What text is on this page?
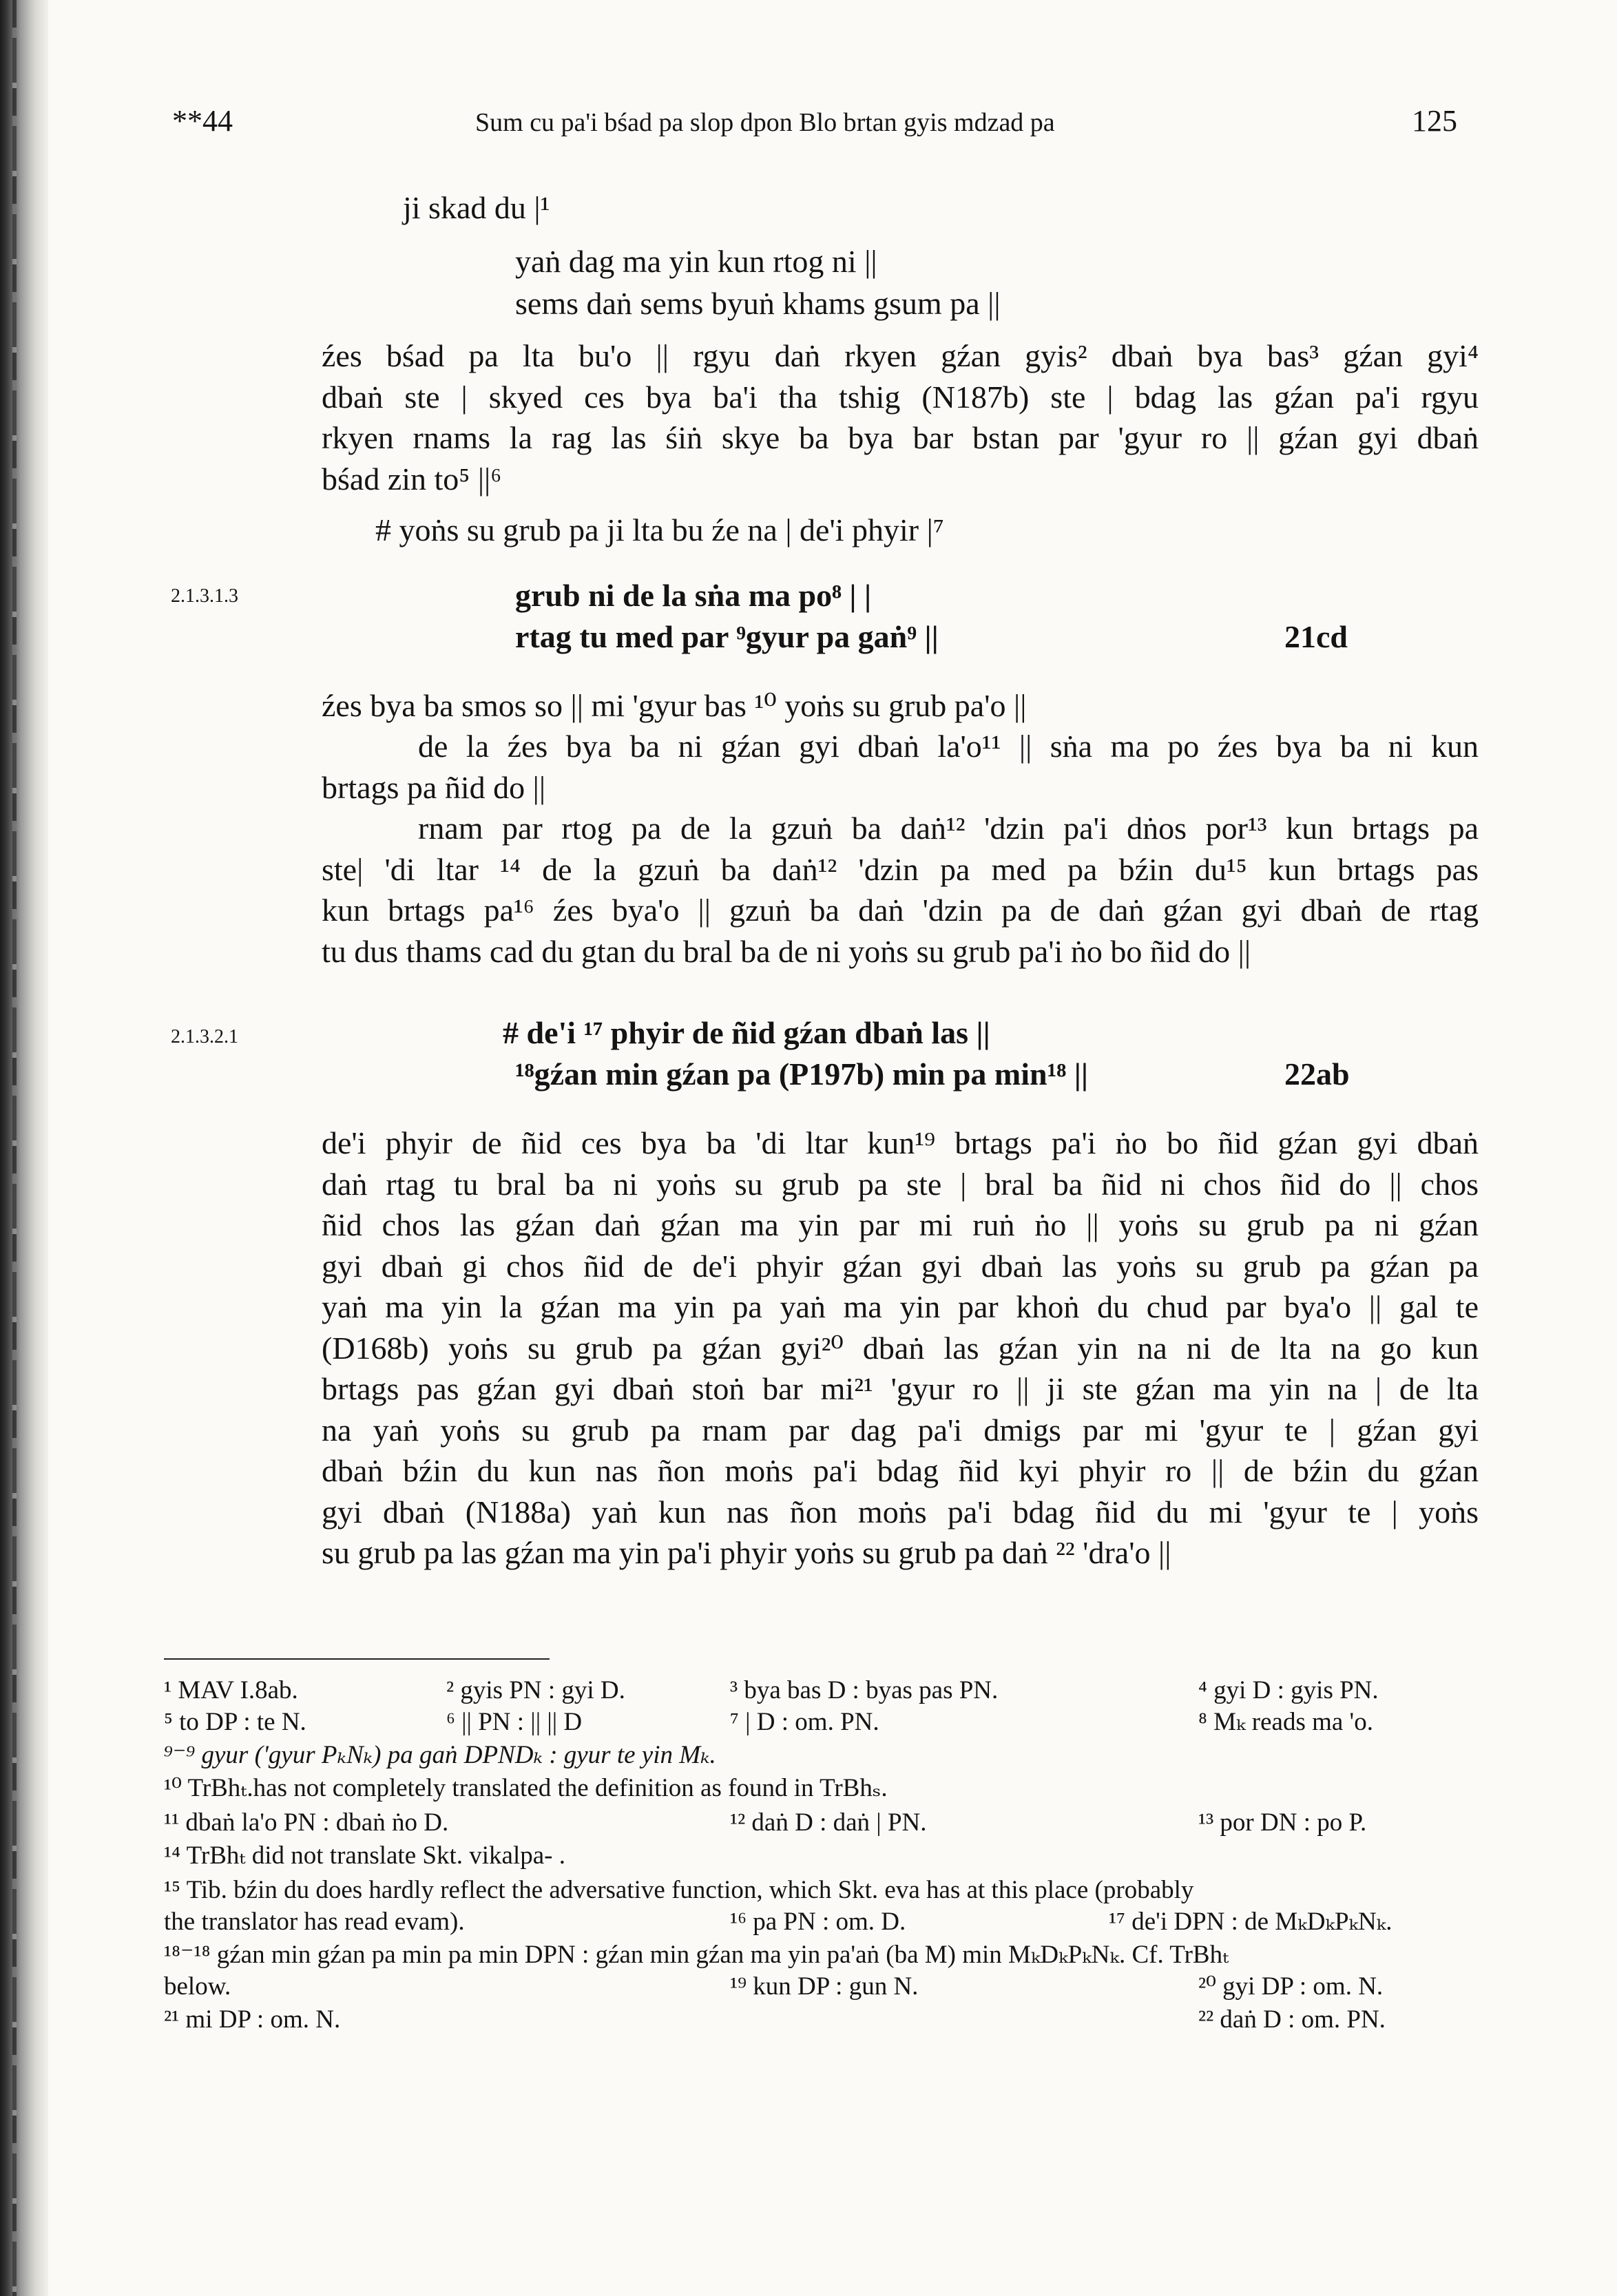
**44	Sum cu pa'i bśad pa slop dpon Blo brtan gyis mdzad pa	125
ji skad du |¹
yaṅ dag ma yin kun rtog ni ||
sems daṅ sems byuṅ khams gsum pa ||
źes bśad pa lta bu'o || rgyu daṅ rkyen gźan gyis² dbaṅ bya bas³ gźan gyi⁴
dbaṅ ste | skyed ces bya ba'i tha tshig (N187b) ste | bdag las gźan pa'i rgyu
rkyen rnams la rag las śiṅ skye ba bya bar bstan par 'gyur ro || gźan gyi dbaṅ
bśad zin to⁵ ||⁶
# yoṅs su grub pa ji lta bu źe na | de'i phyir |⁷
2.1.3.1.3	grub ni de la sṅa ma po⁸ | |
rtag tu med par ⁹gyur pa gaṅ⁹ ||	21cd
źes bya ba smos so || mi 'gyur bas ¹⁰ yoṅs su grub pa'o ||
de la źes bya ba ni gźan gyi dbaṅ la'o¹¹ || sṅa ma po źes bya ba ni kun
brtags pa ñid do ||
rnam par rtog pa de la gzuṅ ba daṅ¹² 'dzin pa'i dṅos por¹³ kun brtags pa
ste| 'di ltar ¹⁴ de la gzuṅ ba daṅ¹² 'dzin pa med pa bźin du¹⁵ kun brtags pas
kun brtags pa¹⁶ źes bya'o || gzuṅ ba daṅ 'dzin pa de daṅ gźan gyi dbaṅ de rtag
tu dus thams cad du gtan du bral ba de ni yoṅs su grub pa'i ṅo bo ñid do ||
2.1.3.2.1	# de'i ¹⁷ phyir de ñid gźan dbaṅ las ||
¹⁸gźan min gźan pa (P197b) min pa min¹⁸ ||	22ab
de'i phyir de ñid ces bya ba 'di ltar kun¹⁹ brtags pa'i ṅo bo ñid gźan gyi dbaṅ
daṅ rtag tu bral ba ni yoṅs su grub pa ste | bral ba ñid ni chos ñid do || chos
ñid chos las gźan daṅ gźan ma yin par mi ruṅ ṅo || yoṅs su grub pa ni gźan
gyi dbaṅ gi chos ñid de de'i phyir gźan gyi dbaṅ las yoṅs su grub pa gźan pa
yaṅ ma yin la gźan ma yin pa yaṅ ma yin par khoṅ du chud par bya'o || gal te
(D168b) yoṅs su grub pa gźan gyi²⁰ dbaṅ las gźan yin na ni de lta na go kun
brtags pas gźan gyi dbaṅ stoṅ bar mi²¹ 'gyur ro || ji ste gźan ma yin na | de lta
na yaṅ yoṅs su grub pa rnam par dag pa'i dmigs par mi 'gyur te | gźan gyi
dbaṅ bźin du kun nas ñon moṅs pa'i bdag ñid kyi phyir ro || de bźin du gźan
gyi dbaṅ (N188a) yaṅ kun nas ñon moṅs pa'i bdag ñid du mi 'gyur te | yoṅs
su grub pa las gźan ma yin pa'i phyir yoṅs su grub pa daṅ ²² 'dra'o ||
¹ MAV I.8ab.	² gyis PN : gyi D.	³ bya bas D : byas pas PN.	⁴ gyi D : gyis PN.
⁵ to DP : te N.	⁶ || PN : || || D	⁷ | D : om. PN.	⁸ Mₖ reads ma 'o.
⁹⁻⁹ gyur ('gyur PₖNₖ) pa gaṅ DPNDₖ : gyur te yin Mₖ.
¹⁰ TrBhₜ.has not completely translated the definition as found in TrBhₛ.
¹¹ dbaṅ la'o PN : dbaṅ ṅo D.	¹² daṅ D : daṅ | PN.	¹³ por DN : po P.
¹⁴ TrBhₜ did not translate Skt. vikalpa- .
¹⁵ Tib. bźin du does hardly reflect the adversative function, which Skt. eva has at this place (probably
the translator has read evam).	¹⁶ pa PN : om. D.	¹⁷ de'i DPN : de MₖDₖPₖNₖ.
¹⁸⁻¹⁸ gźan min gźan pa min pa min DPN : gźan min gźan ma yin pa'aṅ (ba M) min MₖDₖPₖNₖ. Cf. TrBhₜ
below.	¹⁹ kun DP : gun N.	²⁰ gyi DP : om. N.
²¹ mi DP : om. N.	²² daṅ D : om. PN.
